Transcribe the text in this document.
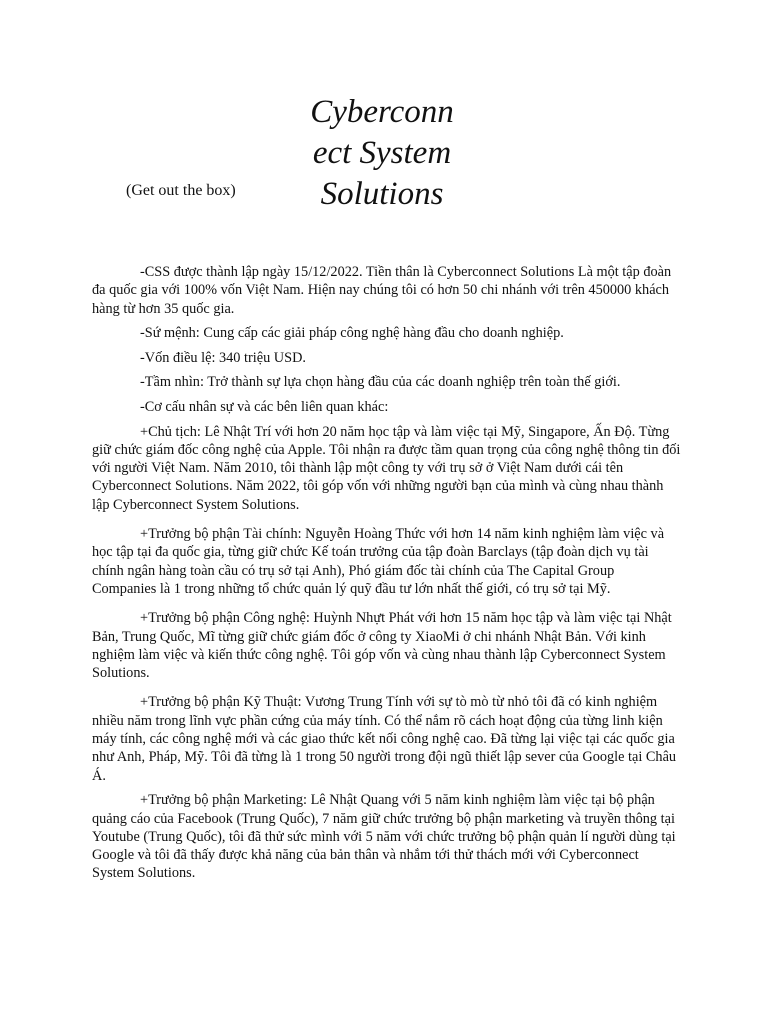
(Get out the box)
Cyberconn
ect System
Solutions

-CSS được thành lập ngày 15/12/2022. Tiền thân là Cyberconnect Solutions Là một tập đoàn đa quốc gia với 100% vốn Việt Nam. Hiện nay chúng tôi có hơn 50 chi nhánh với trên 450000 khách hàng từ hơn 35 quốc gia.

-Sứ mệnh: Cung cấp các giải pháp công nghệ hàng đầu cho doanh nghiệp.

-Vốn điều lệ: 340 triệu USD.

-Tầm nhìn: Trở thành sự lựa chọn hàng đầu của các doanh nghiệp trên toàn thế giới.

-Cơ cấu nhân sự và các bên liên quan khác:

+Chủ tịch: Lê Nhật Trí với hơn 20 năm học tập và làm việc tại Mỹ, Singapore, Ấn Độ. Từng giữ chức giám đốc công nghệ của Apple. Tôi nhận ra được tầm quan trọng của công nghệ thông tin đối với người Việt Nam. Năm 2010, tôi thành lập một công ty với trụ sở ở Việt Nam dưới cái tên Cyberconnect Solutions. Năm 2022, tôi góp vốn với những người bạn của mình và cùng nhau thành lập Cyberconnect System Solutions.

+Trưởng bộ phận Tài chính: Nguyễn Hoàng Thức với hơn 14 năm kinh nghiệm làm việc và học tập tại đa quốc gia, từng giữ chức Kế toán trưởng của tập đoàn Barclays (tập đoàn dịch vụ tài chính ngân hàng toàn cầu có trụ sở tại Anh), Phó giám đốc tài chính của The Capital Group Companies là 1 trong những tổ chức quản lý quỹ đầu tư lớn nhất thế giới, có trụ sở tại Mỹ.

+Trưởng bộ phận Công nghệ: Huỳnh Nhựt Phát với hơn 15 năm học tập và làm việc tại Nhật Bản, Trung Quốc, Mĩ từng giữ chức giám đốc ở công ty XiaoMi ở chi nhánh Nhật Bản. Với kinh nghiệm làm việc và kiến thức công nghệ. Tôi góp vốn và cùng nhau thành lập Cyberconnect System Solutions.

+Trưởng bộ phận Kỹ Thuật: Vương Trung Tính với sự tò mò từ nhỏ tôi đã có kinh nghiệm nhiều năm trong lĩnh vực phần cứng của máy tính. Có thể nắm rõ cách hoạt động của từng linh kiện máy tính, các công nghệ mới và các giao thức kết nối công nghệ cao. Đã từng lại việc tại các quốc gia như Anh, Pháp, Mỹ. Tôi đã từng là 1 trong 50 người trong đội ngũ thiết lập sever của Google tại Châu Á.

+Trưởng bộ phận Marketing: Lê Nhật Quang với 5 năm kinh nghiệm làm việc tại bộ phận quảng cáo của Facebook (Trung Quốc), 7 năm giữ chức trưởng bộ phận marketing và truyền thông tại Youtube (Trung Quốc), tôi đã thử sức mình với 5 năm với chức trưởng bộ phận quản lí người dùng tại Google và tôi đã thấy được khả năng của bản thân và nhắm tới thử thách mới với Cyberconnect System Solutions.
